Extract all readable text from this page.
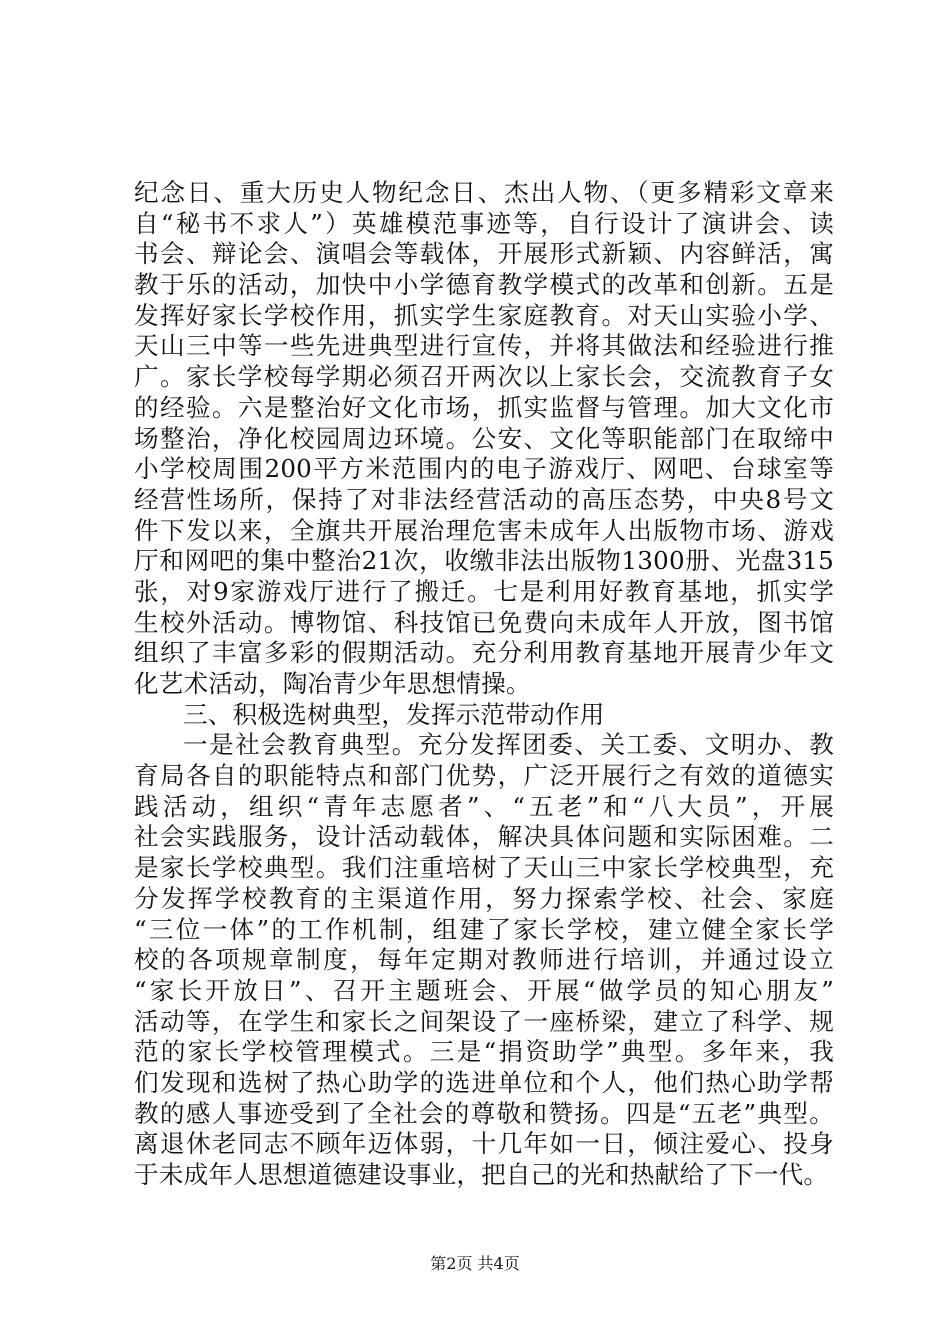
纪念日、重大历史人物纪念日、杰出人物、（更多精彩文章来
自“秘书不求人”）英雄模范事迹等，自行设计了演讲会、读
书会、辩论会、演唱会等载体，开展形式新颖、内容鲜活，寓
教于乐的活动，加快中小学德育教学模式的改革和创新。五是
发挥好家长学校作用，抓实学生家庭教育。对天山实验小学、
天山三中等一些先进典型进行宣传，并将其做法和经验进行推
广。家长学校每学期必须召开两次以上家长会，交流教育子女
的经验。六是整治好文化市场，抓实监督与管理。加大文化市
场整治，净化校园周边环境。公安、文化等职能部门在取缔中
小学校周围200平方米范围内的电子游戏厅、网吧、台球室等
经营性场所，保持了对非法经营活动的高压态势，中央8号文
件下发以来，全旗共开展治理危害未成年人出版物市场、游戏
厅和网吧的集中整治21次，收缴非法出版物1300册、光盘315
张，对9家游戏厅进行了搬迁。七是利用好教育基地，抓实学
生校外活动。博物馆、科技馆已免费向未成年人开放，图书馆
组织了丰富多彩的假期活动。充分利用教育基地开展青少年文
化艺术活动，陶冶青少年思想情操。
三、积极选树典型，发挥示范带动作用
一是社会教育典型。充分发挥团委、关工委、文明办、教
育局各自的职能特点和部门优势，广泛开展行之有效的道德实
践活动，组织“青年志愿者”、“五老”和“八大员”，开展
社会实践服务，设计活动载体，解决具体问题和实际困难。二
是家长学校典型。我们注重培树了天山三中家长学校典型，充
分发挥学校教育的主渠道作用，努力探索学校、社会、家庭
“三位一体”的工作机制，组建了家长学校，建立健全家长学
校的各项规章制度，每年定期对教师进行培训，并通过设立
“家长开放日”、召开主题班会、开展“做学员的知心朋友”
活动等，在学生和家长之间架设了一座桥梁，建立了科学、规
范的家长学校管理模式。三是“捐资助学”典型。多年来，我
们发现和选树了热心助学的选进单位和个人，他们热心助学帮
教的感人事迹受到了全社会的尊敬和赞扬。四是“五老”典型。
离退休老同志不顾年迈体弱，十几年如一日，倾注爱心、投身
于未成年人思想道德建设事业，把自己的光和热献给了下一代。
第2页 共4页
